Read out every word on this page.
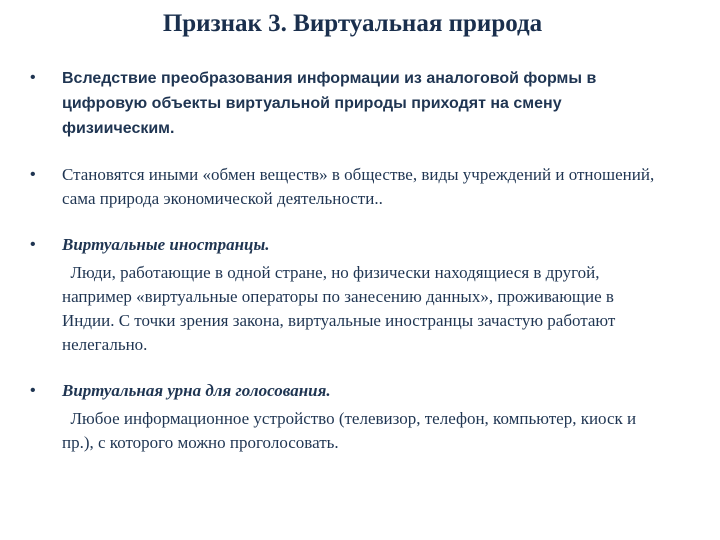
Признак 3. Виртуальная природа
• Вследствие преобразования информации из аналоговой формы в цифровую объекты виртуальной природы приходят на смену физиическим.
• Становятся иными «обмен веществ» в обществе, виды учреждений и отношений, сама природа экономической деятельности..
• Виртуальные иностранцы.
Люди, работающие в одной стране, но физически находящиеся в другой, например «виртуальные операторы по занесению данных», проживающие в Индии. С точки зрения закона, виртуальные иностранцы зачастую работают нелегально.
• Виртуальная урна для голосования.
Любое информационное устройство (телевизор, телефон, компьютер, киоск и пр.), с которого можно проголосовать.
